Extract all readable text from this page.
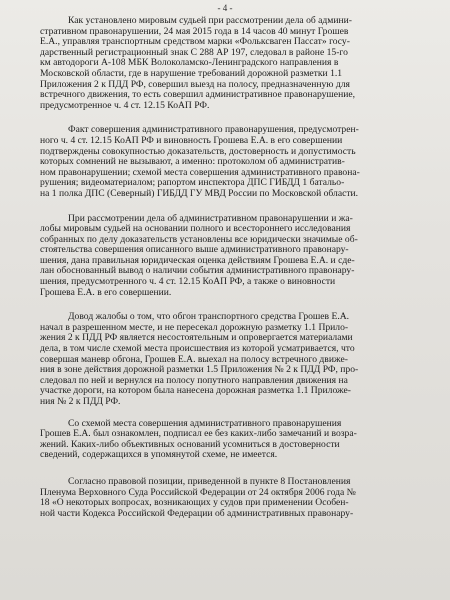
- 4 -
Как установлено мировым судьей при рассмотрении дела об админи-
стративном правонарушении, 24 мая 2015 года в 14 часов 40 минут Грошев
Е.А., управляя транспортным средством марки «Фольксваген Пассат» госу-
дарственный регистрационный знак С 288 АР 197, следовал в районе 15-го
км автодороги А-108 МБК Волоколамско-Ленинградского направления в
Московской области, где в нарушение требований дорожной разметки 1.1
Приложения 2 к ПДД РФ, совершил выезд на полосу, предназначенную для
встречного движения, то есть совершил административное правонарушение,
предусмотренное ч. 4 ст. 12.15 КоАП РФ.
Факт совершения административного правонарушения, предусмотрен-
ного ч. 4 ст. 12.15 КоАП РФ и виновность Грошева Е.А. в его совершении
подтверждены совокупностью доказательств, достоверность и допустимость
которых сомнений не вызывают, а именно: протоколом об административ-
ном правонарушении; схемой места совершения административного правона-
рушения; видеоматериалом; рапортом инспектора ДПС ГИБДД 1 батальо-
на 1 полка ДПС (Северный) ГИБДД ГУ МВД России по Московской области.
При рассмотрении дела об административном правонарушении и жа-
лобы мировым судьей на основании полного и всестороннего исследования
собранных по делу доказательств установлены все юридически значимые об-
стоятельства совершения описанного выше административного правонару-
шения, дана правильная юридическая оценка действиям Грошева Е.А. и сде-
лан обоснованный вывод о наличии события административного правонару-
шения, предусмотренного ч. 4 ст. 12.15 КоАП РФ, а также о виновности
Грошева Е.А. в его совершении.
Довод жалобы о том, что обгон транспортного средства Грошев Е.А.
начал в разрешенном месте, и не пересекал дорожную разметку 1.1 Прило-
жения 2 к ПДД РФ является несостоятельным и опровергается материалами
дела, в том числе схемой места происшествия из которой усматривается, что
совершая маневр обгона, Грошев Е.А. выехал на полосу встречного движе-
ния в зоне действия дорожной разметки 1.5 Приложения № 2 к ПДД РФ, про-
следовал по ней и вернулся на полосу попутного направления движения на
участке дороги, на котором была нанесена дорожная разметка 1.1 Приложе-
ния № 2 к ПДД РФ.
Со схемой места совершения административного правонарушения
Грошев Е.А. был ознакомлен, подписал ее без каких-либо замечаний и возра-
жений. Каких-либо объективных оснований усомниться в достоверности
сведений, содержащихся в упомянутой схеме, не имеется.
Согласно правовой позиции, приведенной в пункте 8 Постановления
Пленума Верховного Суда Российской Федерации от 24 октября 2006 года №
18 «О некоторых вопросах, возникающих у судов при применении Особен-
ной части Кодекса Российской Федерации об административных правонару-
